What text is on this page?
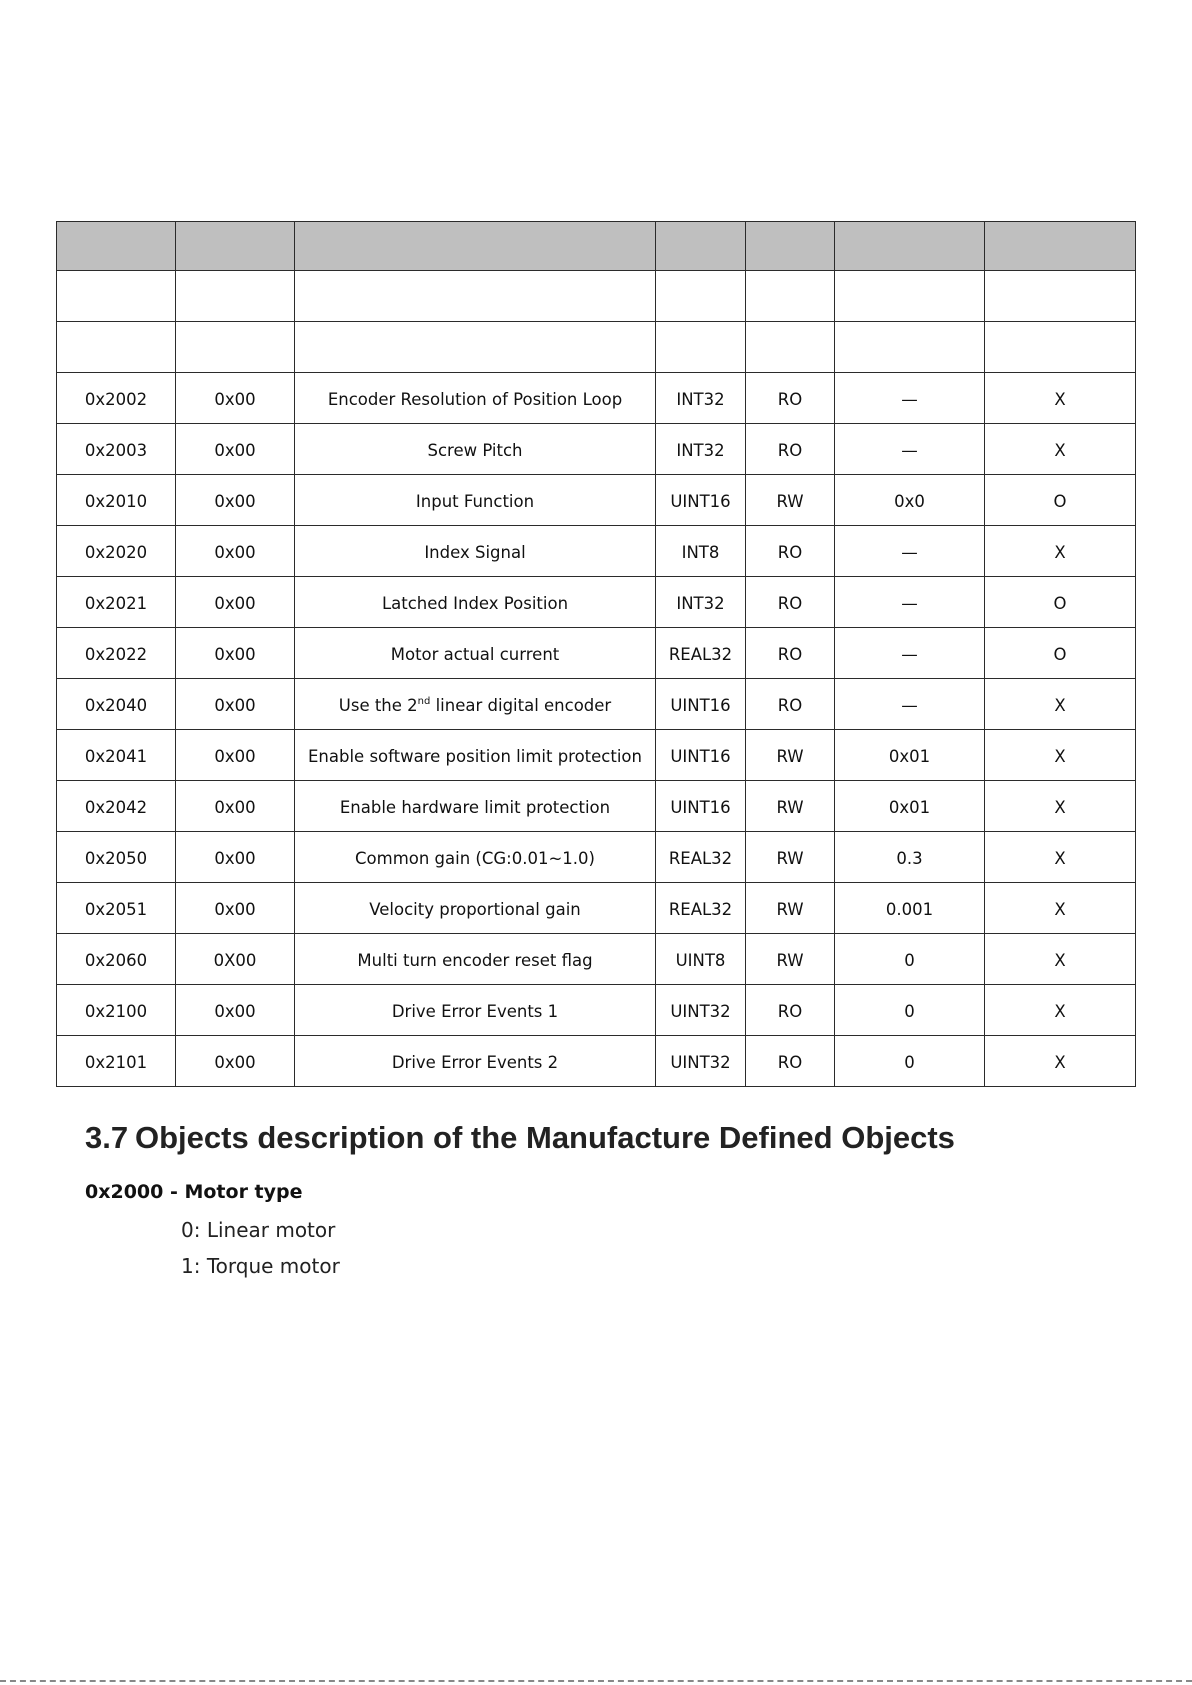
0x2002	0x00	Encoder Resolution of Position Loop	INT32	RO	—	X
0x2003	0x00	Screw Pitch	INT32	RO	—	X
0x2010	0x00	Input Function	UINT16	RW	0x0	O
0x2020	0x00	Index Signal	INT8	RO	—	X
0x2021	0x00	Latched Index Position	INT32	RO	—	O
0x2022	0x00	Motor actual current	REAL32	RO	—	O
0x2040	0x00	Use the 2nd linear digital encoder	UINT16	RO	—	X
0x2041	0x00	Enable software position limit protection	UINT16	RW	0x01	X
0x2042	0x00	Enable hardware limit protection	UINT16	RW	0x01	X
0x2050	0x00	Common gain (CG:0.01~1.0)	REAL32	RW	0.3	X
0x2051	0x00	Velocity proportional gain	REAL32	RW	0.001	X
0x2060	0X00	Multi turn encoder reset flag	UINT8	RW	0	X
0x2100	0x00	Drive Error Events 1	UINT32	RO	0	X
0x2101	0x00	Drive Error Events 2	UINT32	RO	0	X
3.7 Objects description of the Manufacture Defined Objects

0x2000 - Motor type

0: Linear motor

1: Torque motor
